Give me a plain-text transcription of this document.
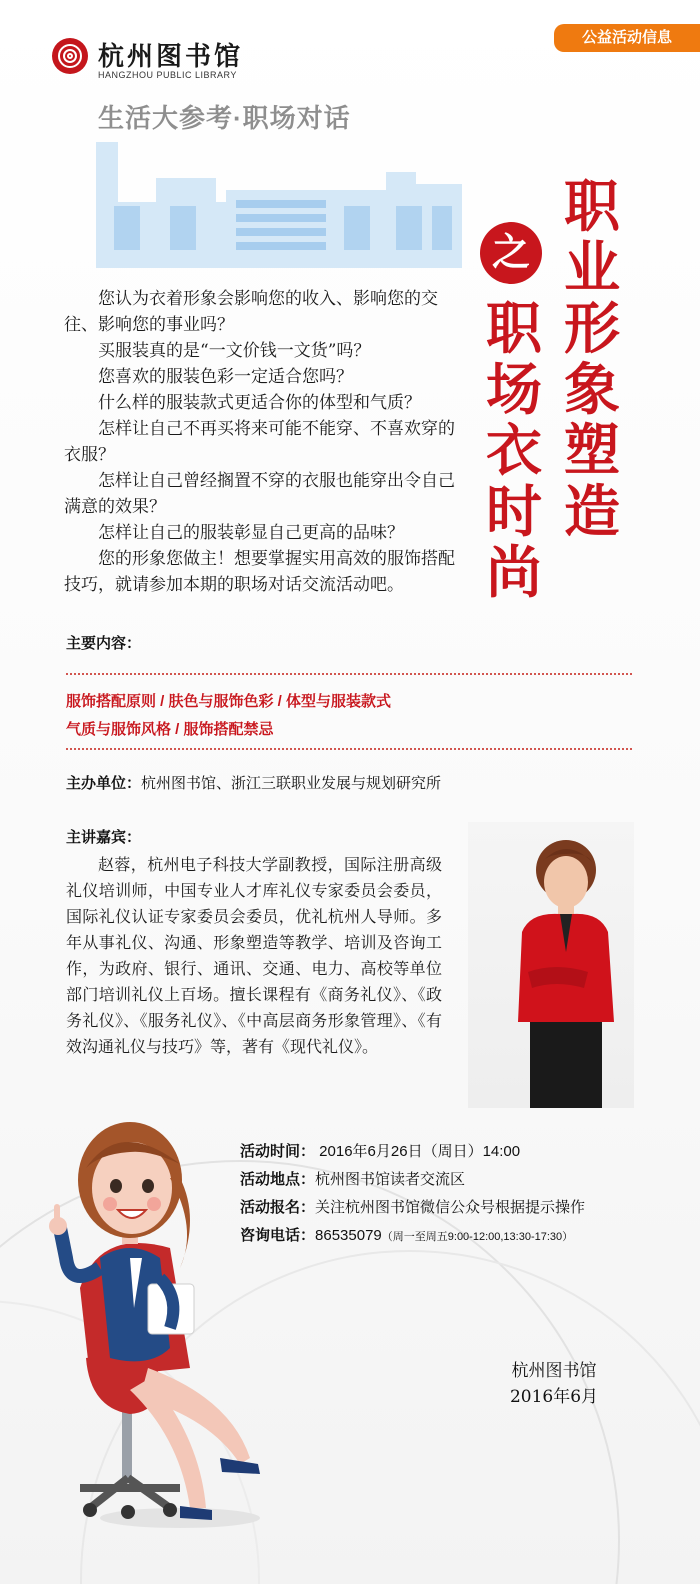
公益活动信息
杭州图书馆
HANGZHOU PUBLIC LIBRARY
生活大参考·职场对话
职
业
形
象
塑
造
之
职
场
衣
时
尚

您认为衣着形象会影响您的收入、影响您的交往、影响您的事业吗？

买服装真的是“一文价钱一文货”吗？

您喜欢的服装色彩一定适合您吗？

什么样的服装款式更适合你的体型和气质？

怎样让自己不再买将来可能不能穿、不喜欢穿的衣服？

怎样让自己曾经搁置不穿的衣服也能穿出令自己满意的效果？

怎样让自己的服装彰显自己更高的品味？

您的形象您做主！想要掌握实用高效的服饰搭配技巧，就请参加本期的职场对话交流活动吧。

主要内容：
服饰搭配原则 / 肤色与服饰色彩 / 体型与服装款式
气质与服饰风格 / 服饰搭配禁忌
主办单位：杭州图书馆、浙江三联职业发展与规划研究所
主讲嘉宾：
赵蓉，杭州电子科技大学副教授，国际注册高级礼仪培训师，中国专业人才库礼仪专家委员会委员，国际礼仪认证专家委员会委员，优礼杭州人导师。多年从事礼仪、沟通、形象塑造等教学、培训及咨询工作，为政府、银行、通讯、交通、电力、高校等单位部门培训礼仪上百场。擅长课程有《商务礼仪》、《政务礼仪》、《服务礼仪》、《中高层商务形象管理》、《有效沟通礼仪与技巧》等，著有《现代礼仪》。
活动时间： 2016年6月26日（周日）14:00
活动地点：杭州图书馆读者交流区
活动报名：关注杭州图书馆微信公众号根据提示操作
咨询电话：86535079（周一至周五9:00-12:00,13:30-17:30）
杭州图书馆
2016年6月
